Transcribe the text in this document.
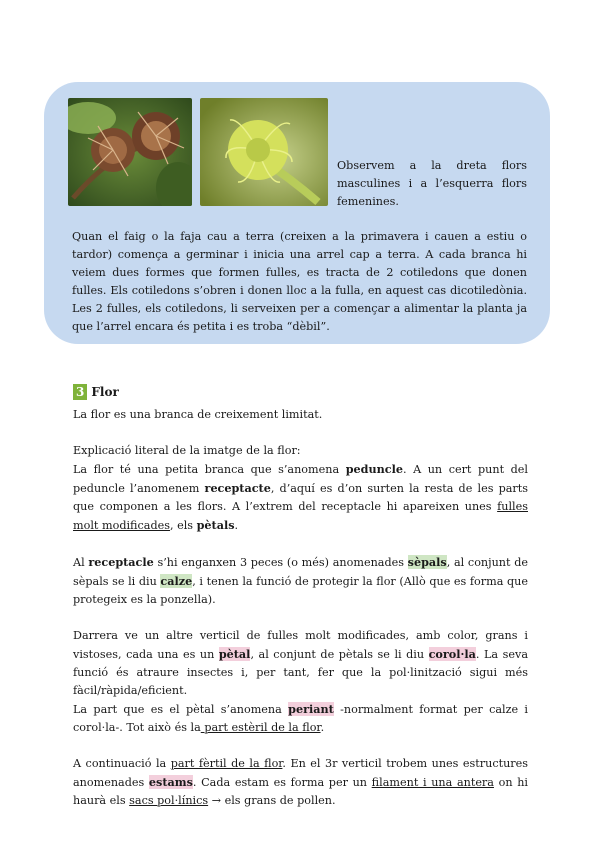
Observem a la dreta flors masculines i a l’esquerra flors femenines.
Quan el faig o la faja cau a terra (creixen a la primavera i cauen a estiu o tardor) comença a germinar i inicia una arrel cap a terra. A cada branca hi veiem dues formes que formen fulles, es tracta de 2 cotiledons que donen fulles. Els cotiledons s’obren i donen lloc a la fulla, en aquest cas dicotiledònia. Les 2 fulles, els cotiledons, li serveixen per a començar a alimentar la planta ja que l’arrel encara és petita i es troba “dèbil”.
3 Flor

La flor es una branca de creixement limitat.

Explicació literal de la imatge de la flor:
La flor té una petita branca que s’anomena peduncle. A un cert punt del peduncle l’anomenem receptacte, d’aquí es d’on surten la resta de les parts que componen a les flors. A l’extrem del receptacle hi apareixen unes fulles molt modificades, els pètals.

Al receptacle s’hi enganxen 3 peces (o més) anomenades sèpals, al conjunt de sèpals se li diu calze, i tenen la funció de protegir la flor (Allò que es forma que protegeix es la ponzella).

Darrera ve un altre verticil de fulles molt modificades, amb color, grans i vistoses, cada una es un pètal, al conjunt de pètals se li diu corol·la. La seva funció és atraure insectes i, per tant, fer que la pol·linització sigui més fàcil/ràpida/eficient.
La part que es el pètal s’anomena periant -normalment format per calze i corol·la-. Tot això és la part estèril de la flor.

A continuació la part fèrtil de la flor. En el 3r verticil trobem unes estructures anomenades estams. Cada estam es forma per un filament i una antera on hi haurà els sacs pol·línics → els grans de pollen.
